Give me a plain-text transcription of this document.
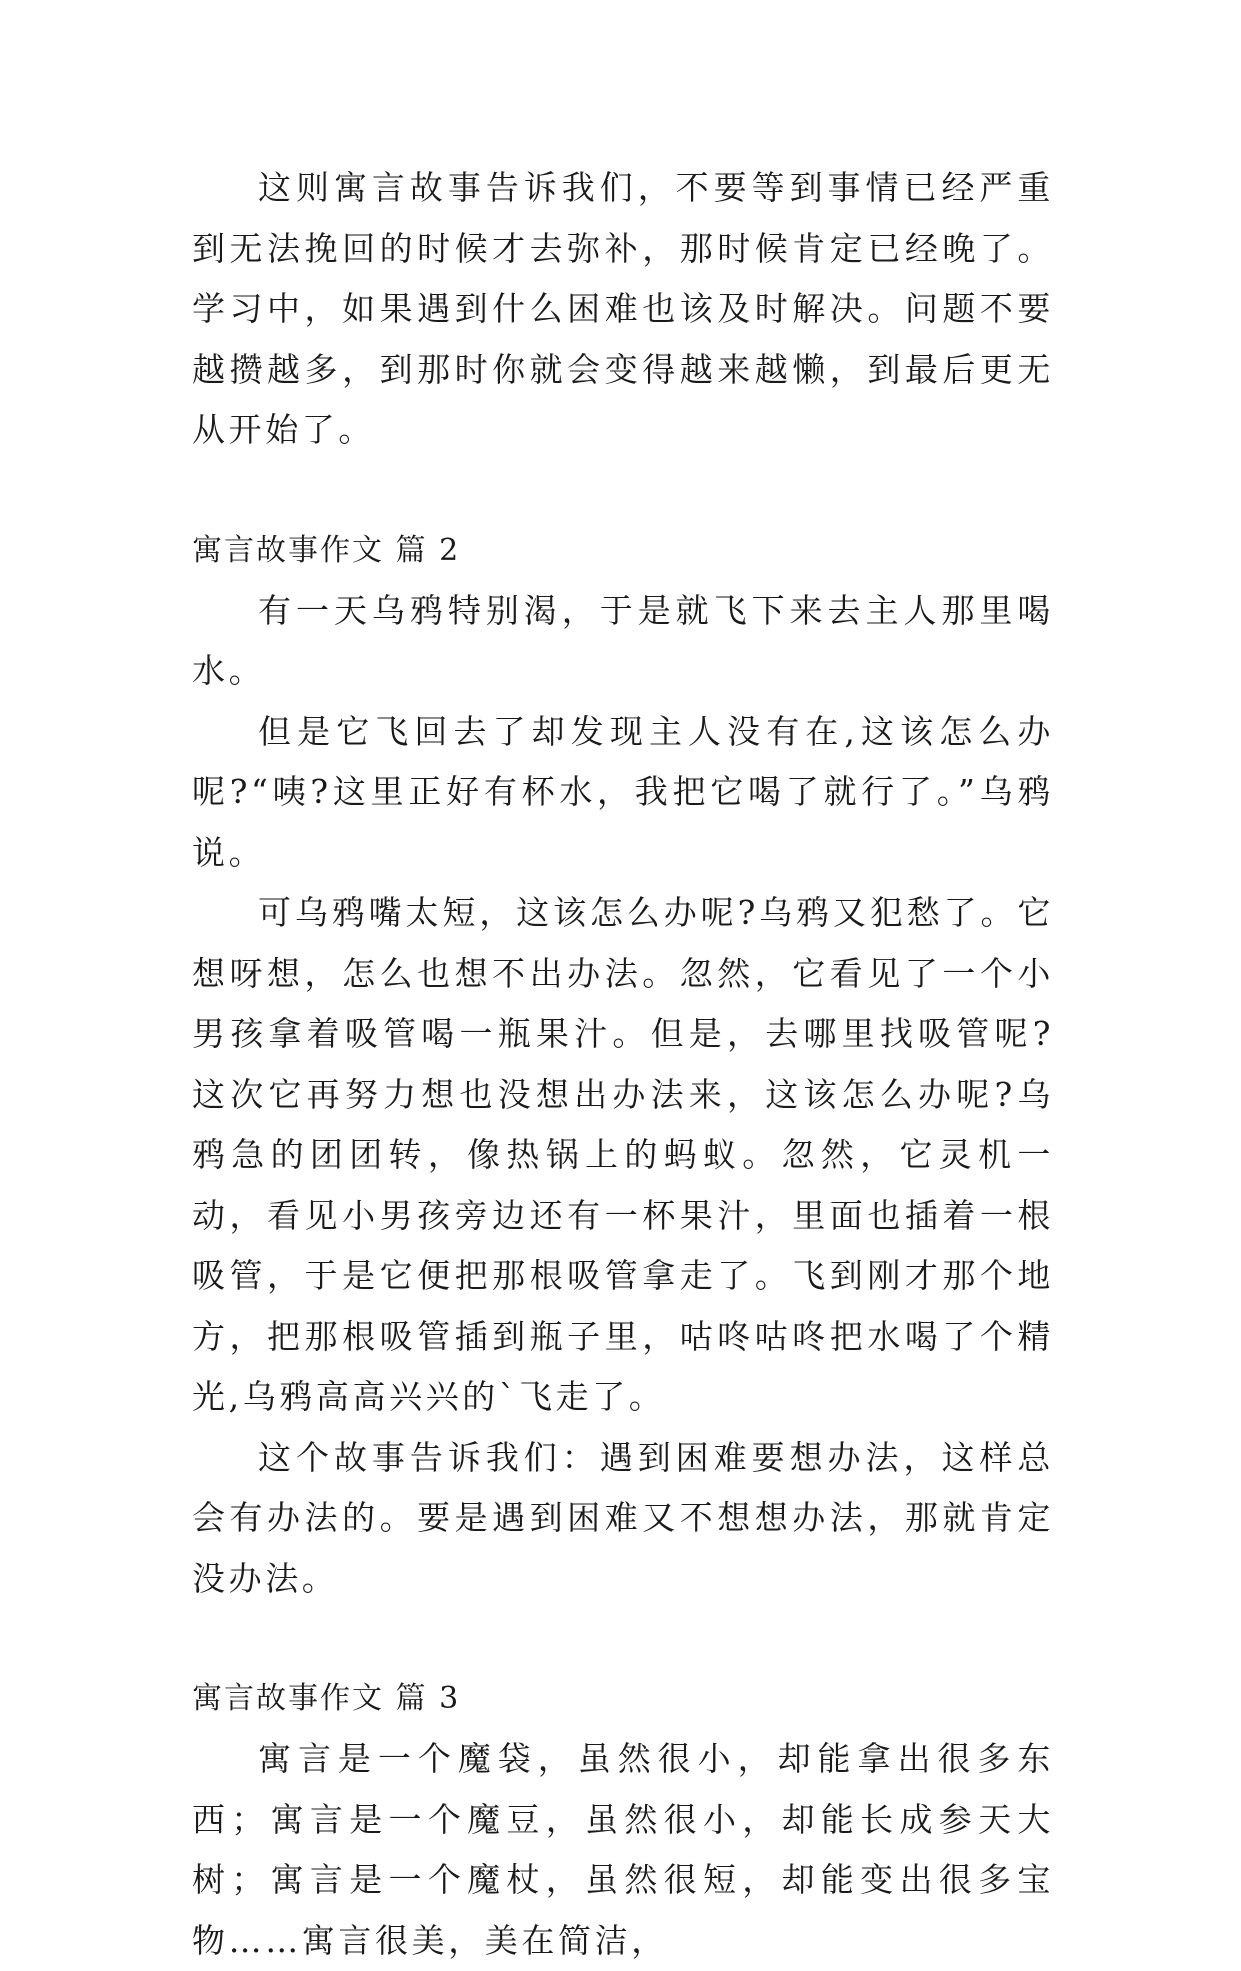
这则寓言故事告诉我们，不要等到事情已经严重到无法挽回的时候才去弥补，那时候肯定已经晚了。学习中，如果遇到什么困难也该及时解决。问题不要越攒越多，到那时你就会变得越来越懒，到最后更无从开始了。

寓言故事作文 篇 2

有一天乌鸦特别渴，于是就飞下来去主人那里喝水。

但是它飞回去了却发现主人没有在,这该怎么办呢?“咦?这里正好有杯水，我把它喝了就行了。”乌鸦说。

可乌鸦嘴太短，这该怎么办呢?乌鸦又犯愁了。它想呀想，怎么也想不出办法。忽然，它看见了一个小男孩拿着吸管喝一瓶果汁。但是，去哪里找吸管呢?这次它再努力想也没想出办法来，这该怎么办呢?乌鸦急的团团转，像热锅上的蚂蚁。忽然，它灵机一动，看见小男孩旁边还有一杯果汁，里面也插着一根吸管，于是它便把那根吸管拿走了。飞到刚才那个地方，把那根吸管插到瓶子里，咕咚咕咚把水喝了个精光,乌鸦高高兴兴的`飞走了。

这个故事告诉我们：遇到困难要想办法，这样总会有办法的。要是遇到困难又不想想办法，那就肯定没办法。

寓言故事作文 篇 3

寓言是一个魔袋，虽然很小，却能拿出很多东西；寓言是一个魔豆，虽然很小，却能长成参天大树；寓言是一个魔杖，虽然很短，却能变出很多宝物……寓言很美，美在简洁，
